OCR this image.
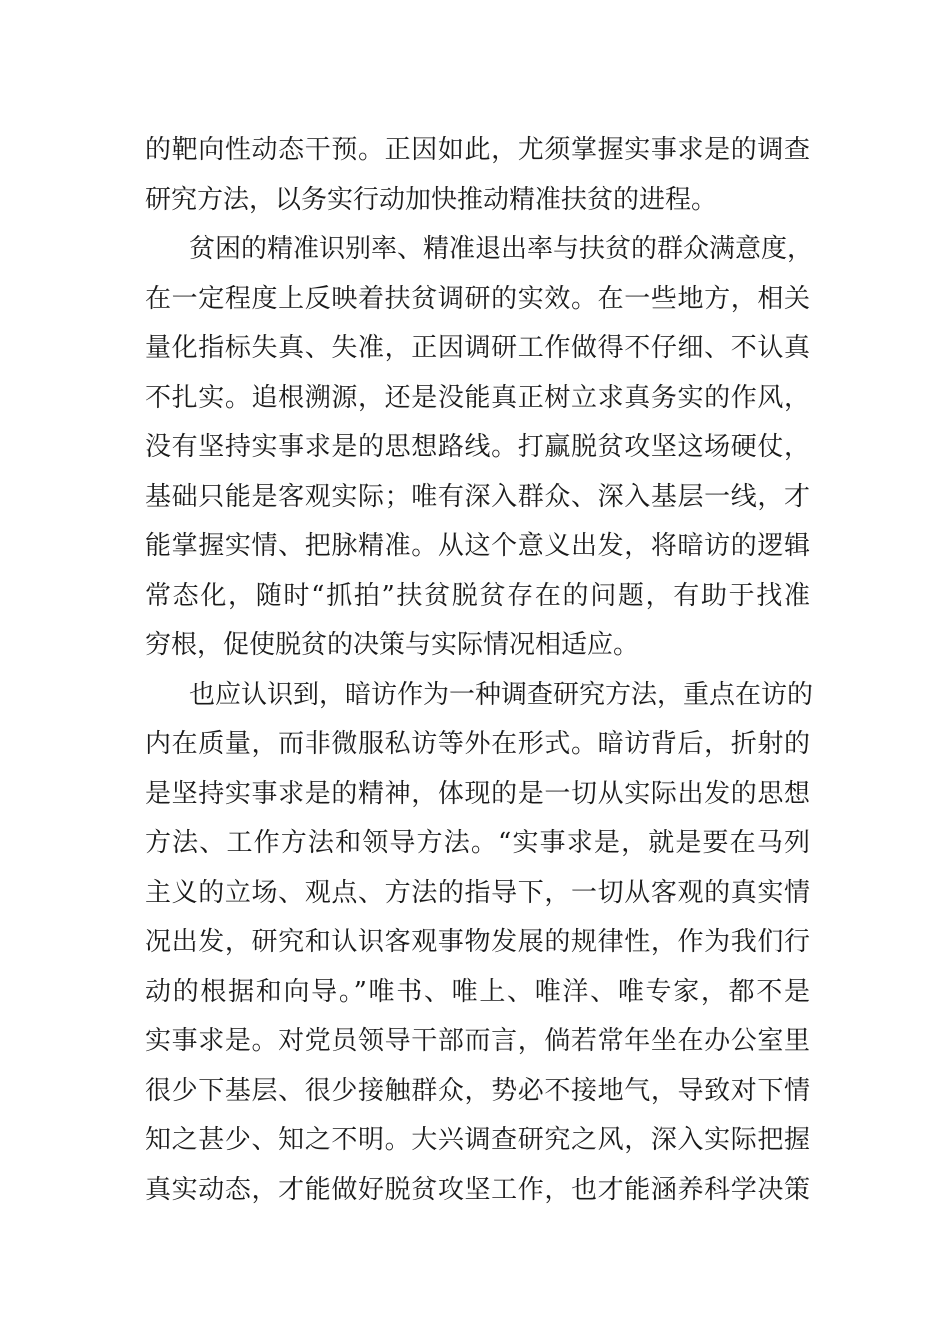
的靶向性动态干预。正因如此，尤须掌握实事求是的调查
研究方法，以务实行动加快推动精准扶贫的进程。
贫困的精准识别率、精准退出率与扶贫的群众满意度，
在一定程度上反映着扶贫调研的实效。在一些地方，相关
量化指标失真、失准，正因调研工作做得不仔细、不认真
不扎实。追根溯源，还是没能真正树立求真务实的作风，
没有坚持实事求是的思想路线。打赢脱贫攻坚这场硬仗，
基础只能是客观实际；唯有深入群众、深入基层一线，才
能掌握实情、把脉精准。从这个意义出发，将暗访的逻辑
常态化，随时“抓拍”扶贫脱贫存在的问题，有助于找准
穷根，促使脱贫的决策与实际情况相适应。
也应认识到，暗访作为一种调查研究方法，重点在访的
内在质量，而非微服私访等外在形式。暗访背后，折射的
是坚持实事求是的精神，体现的是一切从实际出发的思想
方法、工作方法和领导方法。“实事求是，就是要在马列
主义的立场、观点、方法的指导下，一切从客观的真实情
况出发，研究和认识客观事物发展的规律性，作为我们行
动的根据和向导。”唯书、唯上、唯洋、唯专家，都不是
实事求是。对党员领导干部而言，倘若常年坐在办公室里
很少下基层、很少接触群众，势必不接地气，导致对下情
知之甚少、知之不明。大兴调查研究之风，深入实际把握
真实动态，才能做好脱贫攻坚工作，也才能涵养科学决策
